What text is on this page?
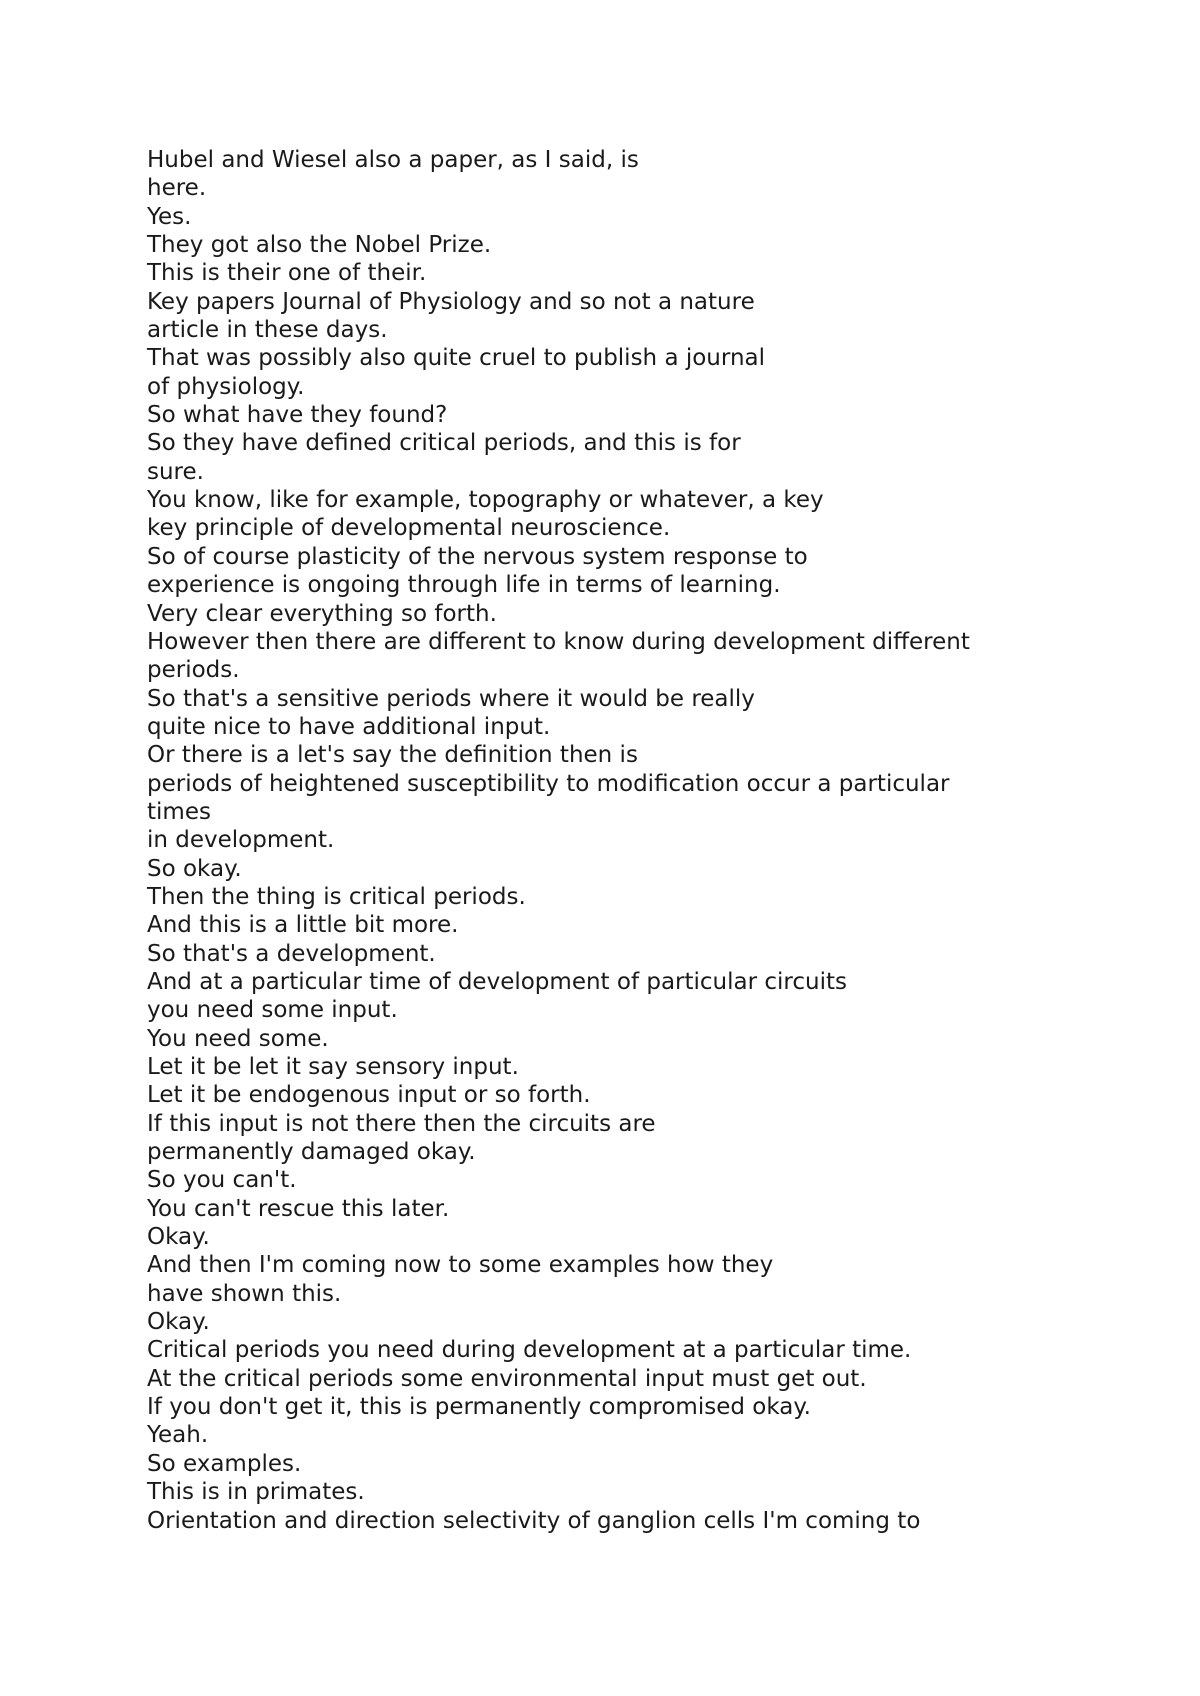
Hubel and Wiesel also a paper, as I said, is
here.
Yes.
They got also the Nobel Prize.
This is their one of their.
Key papers Journal of Physiology and so not a nature
article in these days.
That was possibly also quite cruel to publish a journal
of physiology.
So what have they found?
So they have defined critical periods, and this is for
sure.
You know, like for example, topography or whatever, a key
key principle of developmental neuroscience.
So of course plasticity of the nervous system response to
experience is ongoing through life in terms of learning.
Very clear everything so forth.
However then there are different to know during development different
periods.
So that's a sensitive periods where it would be really
quite nice to have additional input.
Or there is a let's say the definition then is
periods of heightened susceptibility to modification occur a particular
times
in development.
So okay.
Then the thing is critical periods.
And this is a little bit more.
So that's a development.
And at a particular time of development of particular circuits
you need some input.
You need some.
Let it be let it say sensory input.
Let it be endogenous input or so forth.
If this input is not there then the circuits are
permanently damaged okay.
So you can't.
You can't rescue this later.
Okay.
And then I'm coming now to some examples how they
have shown this.
Okay.
Critical periods you need during development at a particular time.
At the critical periods some environmental input must get out.
If you don't get it, this is permanently compromised okay.
Yeah.
So examples.
This is in primates.
Orientation and direction selectivity of ganglion cells I'm coming to
